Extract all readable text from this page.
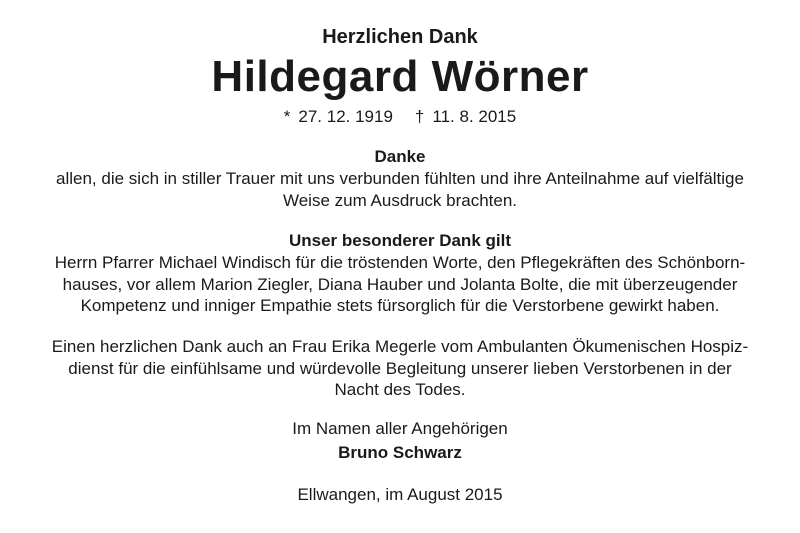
Herzlichen Dank
Hildegard Wörner
* 27. 12. 1919 † 11. 8. 2015
Danke
allen, die sich in stiller Trauer mit uns verbunden fühlten und ihre Anteilnahme auf vielfältige
Weise zum Ausdruck brachten.
Unser besonderer Dank gilt
Herrn Pfarrer Michael Windisch für die tröstenden Worte, den Pflegekräften des Schönborn-
hauses, vor allem Marion Ziegler, Diana Hauber und Jolanta Bolte, die mit überzeugender
Kompetenz und inniger Empathie stets fürsorglich für die Verstorbene gewirkt haben.
Einen herzlichen Dank auch an Frau Erika Megerle vom Ambulanten Ökumenischen Hospiz-
dienst für die einfühlsame und würdevolle Begleitung unserer lieben Verstorbenen in der
Nacht des Todes.
Im Namen aller Angehörigen
Bruno Schwarz
Ellwangen, im August 2015
